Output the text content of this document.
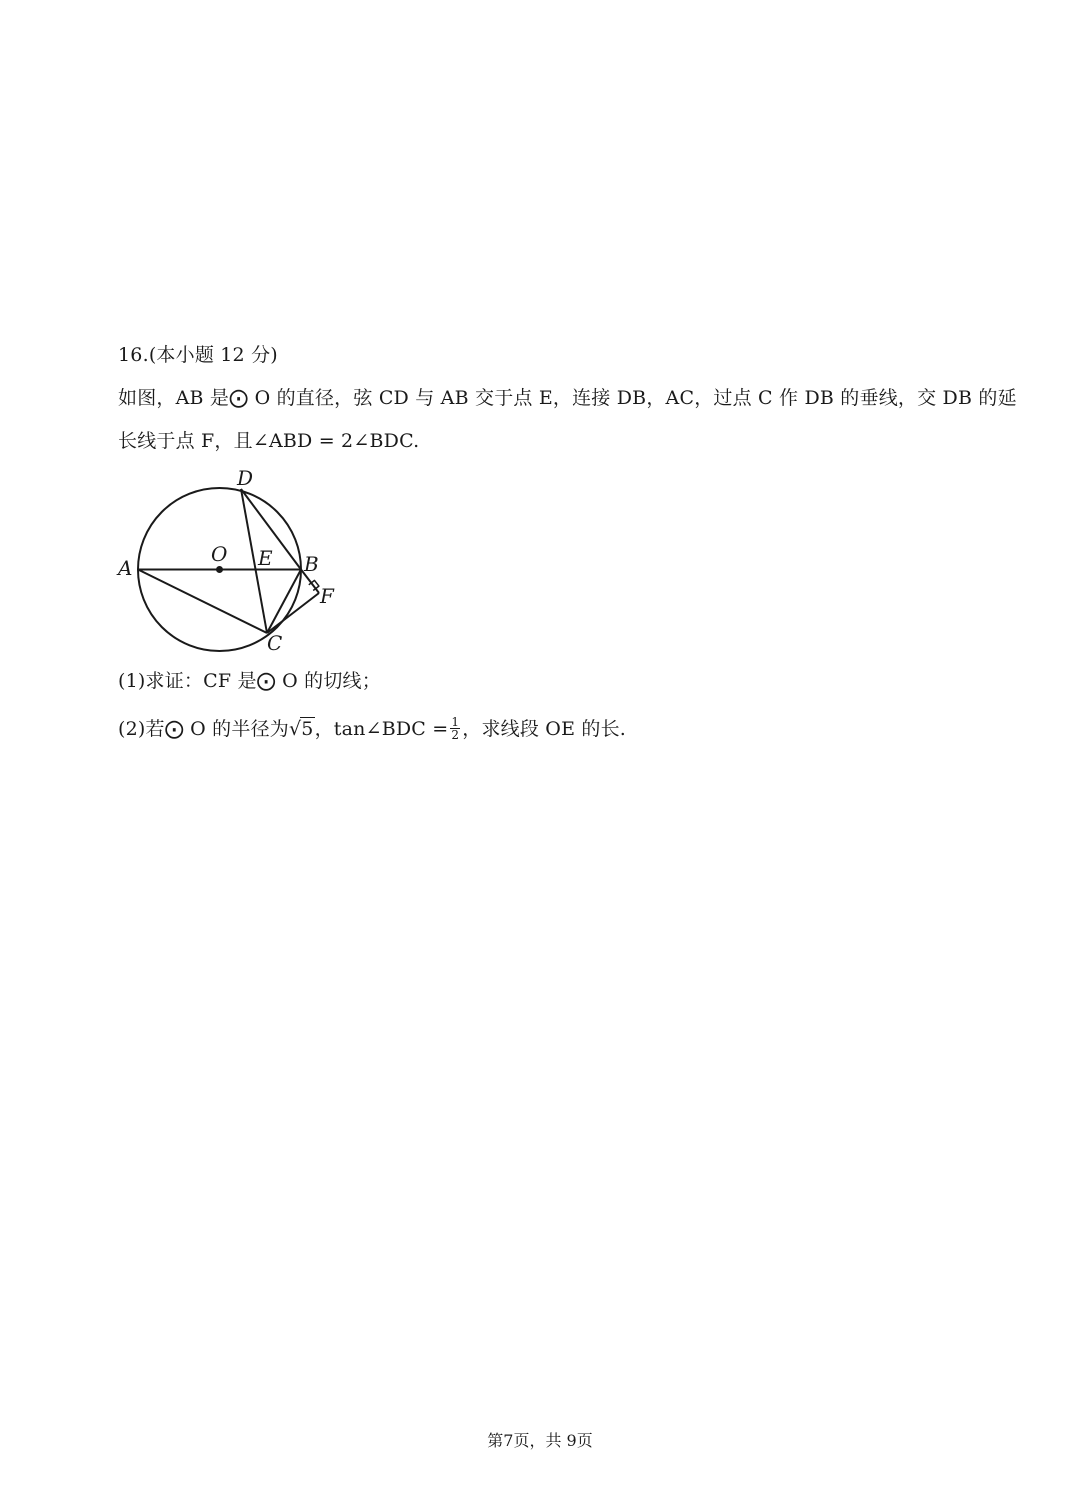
16.(本小题 12 分)
如图，AB 是⨀ O 的直径，弦 CD 与 AB 交于点 E，连接 DB，AC，过点 C 作 DB 的垂线，交 DB 的延
长线于点 F，且∠ABD = 2∠BDC.
D
O E B
A
F
C
(1)求证：CF 是⨀ O 的切线；
(2)若⨀ O 的半径为√5，tan∠BDC = $\frac{1}{2}$ ，求线段 OE 的长.
第7页，共 9页
